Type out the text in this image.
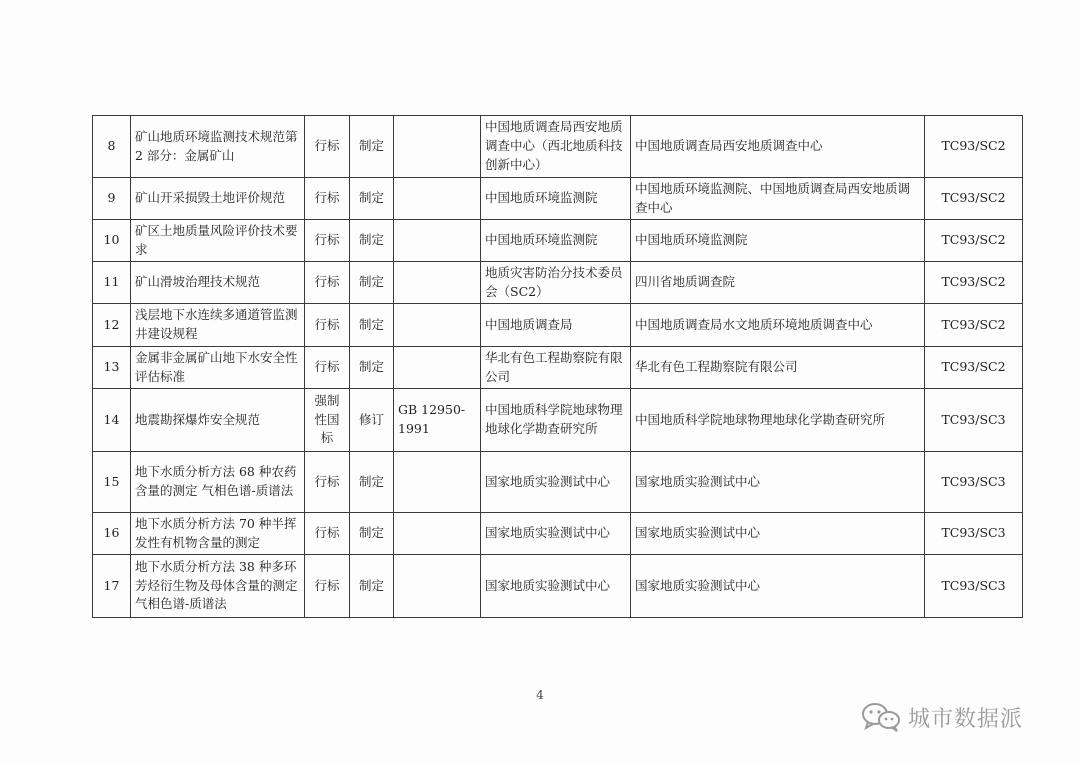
8	矿山地质环境监测技术规范第 2 部分：金属矿山	行标	制定		中国地质调查局西安地质调查中心（西北地质科技创新中心）	中国地质调查局西安地质调查中心	TC93/SC2
9	矿山开采损毁土地评价规范	行标	制定		中国地质环境监测院	中国地质环境监测院、中国地质调查局西安地质调查中心	TC93/SC2
10	矿区土地质量风险评价技术要求	行标	制定		中国地质环境监测院	中国地质环境监测院	TC93/SC2
11	矿山滑坡治理技术规范	行标	制定		地质灾害防治分技术委员会（SC2）	四川省地质调查院	TC93/SC2
12	浅层地下水连续多通道管监测井建设规程	行标	制定		中国地质调查局	中国地质调查局水文地质环境地质调查中心	TC93/SC2
13	金属非金属矿山地下水安全性评估标准	行标	制定		华北有色工程勘察院有限公司	华北有色工程勘察院有限公司	TC93/SC2
14	地震勘探爆炸安全规范	强制性国标	修订	GB 12950-1991	中国地质科学院地球物理地球化学勘查研究所	中国地质科学院地球物理地球化学勘查研究所	TC93/SC3
15	地下水质分析方法 68 种农药含量的测定 气相色谱-质谱法	行标	制定		国家地质实验测试中心	国家地质实验测试中心	TC93/SC3
16	地下水质分析方法 70 种半挥发性有机物含量的测定	行标	制定		国家地质实验测试中心	国家地质实验测试中心	TC93/SC3
17	地下水质分析方法 38 种多环芳烃衍生物及母体含量的测定 气相色谱-质谱法	行标	制定		国家地质实验测试中心	国家地质实验测试中心	TC93/SC3
4
城市数据派
